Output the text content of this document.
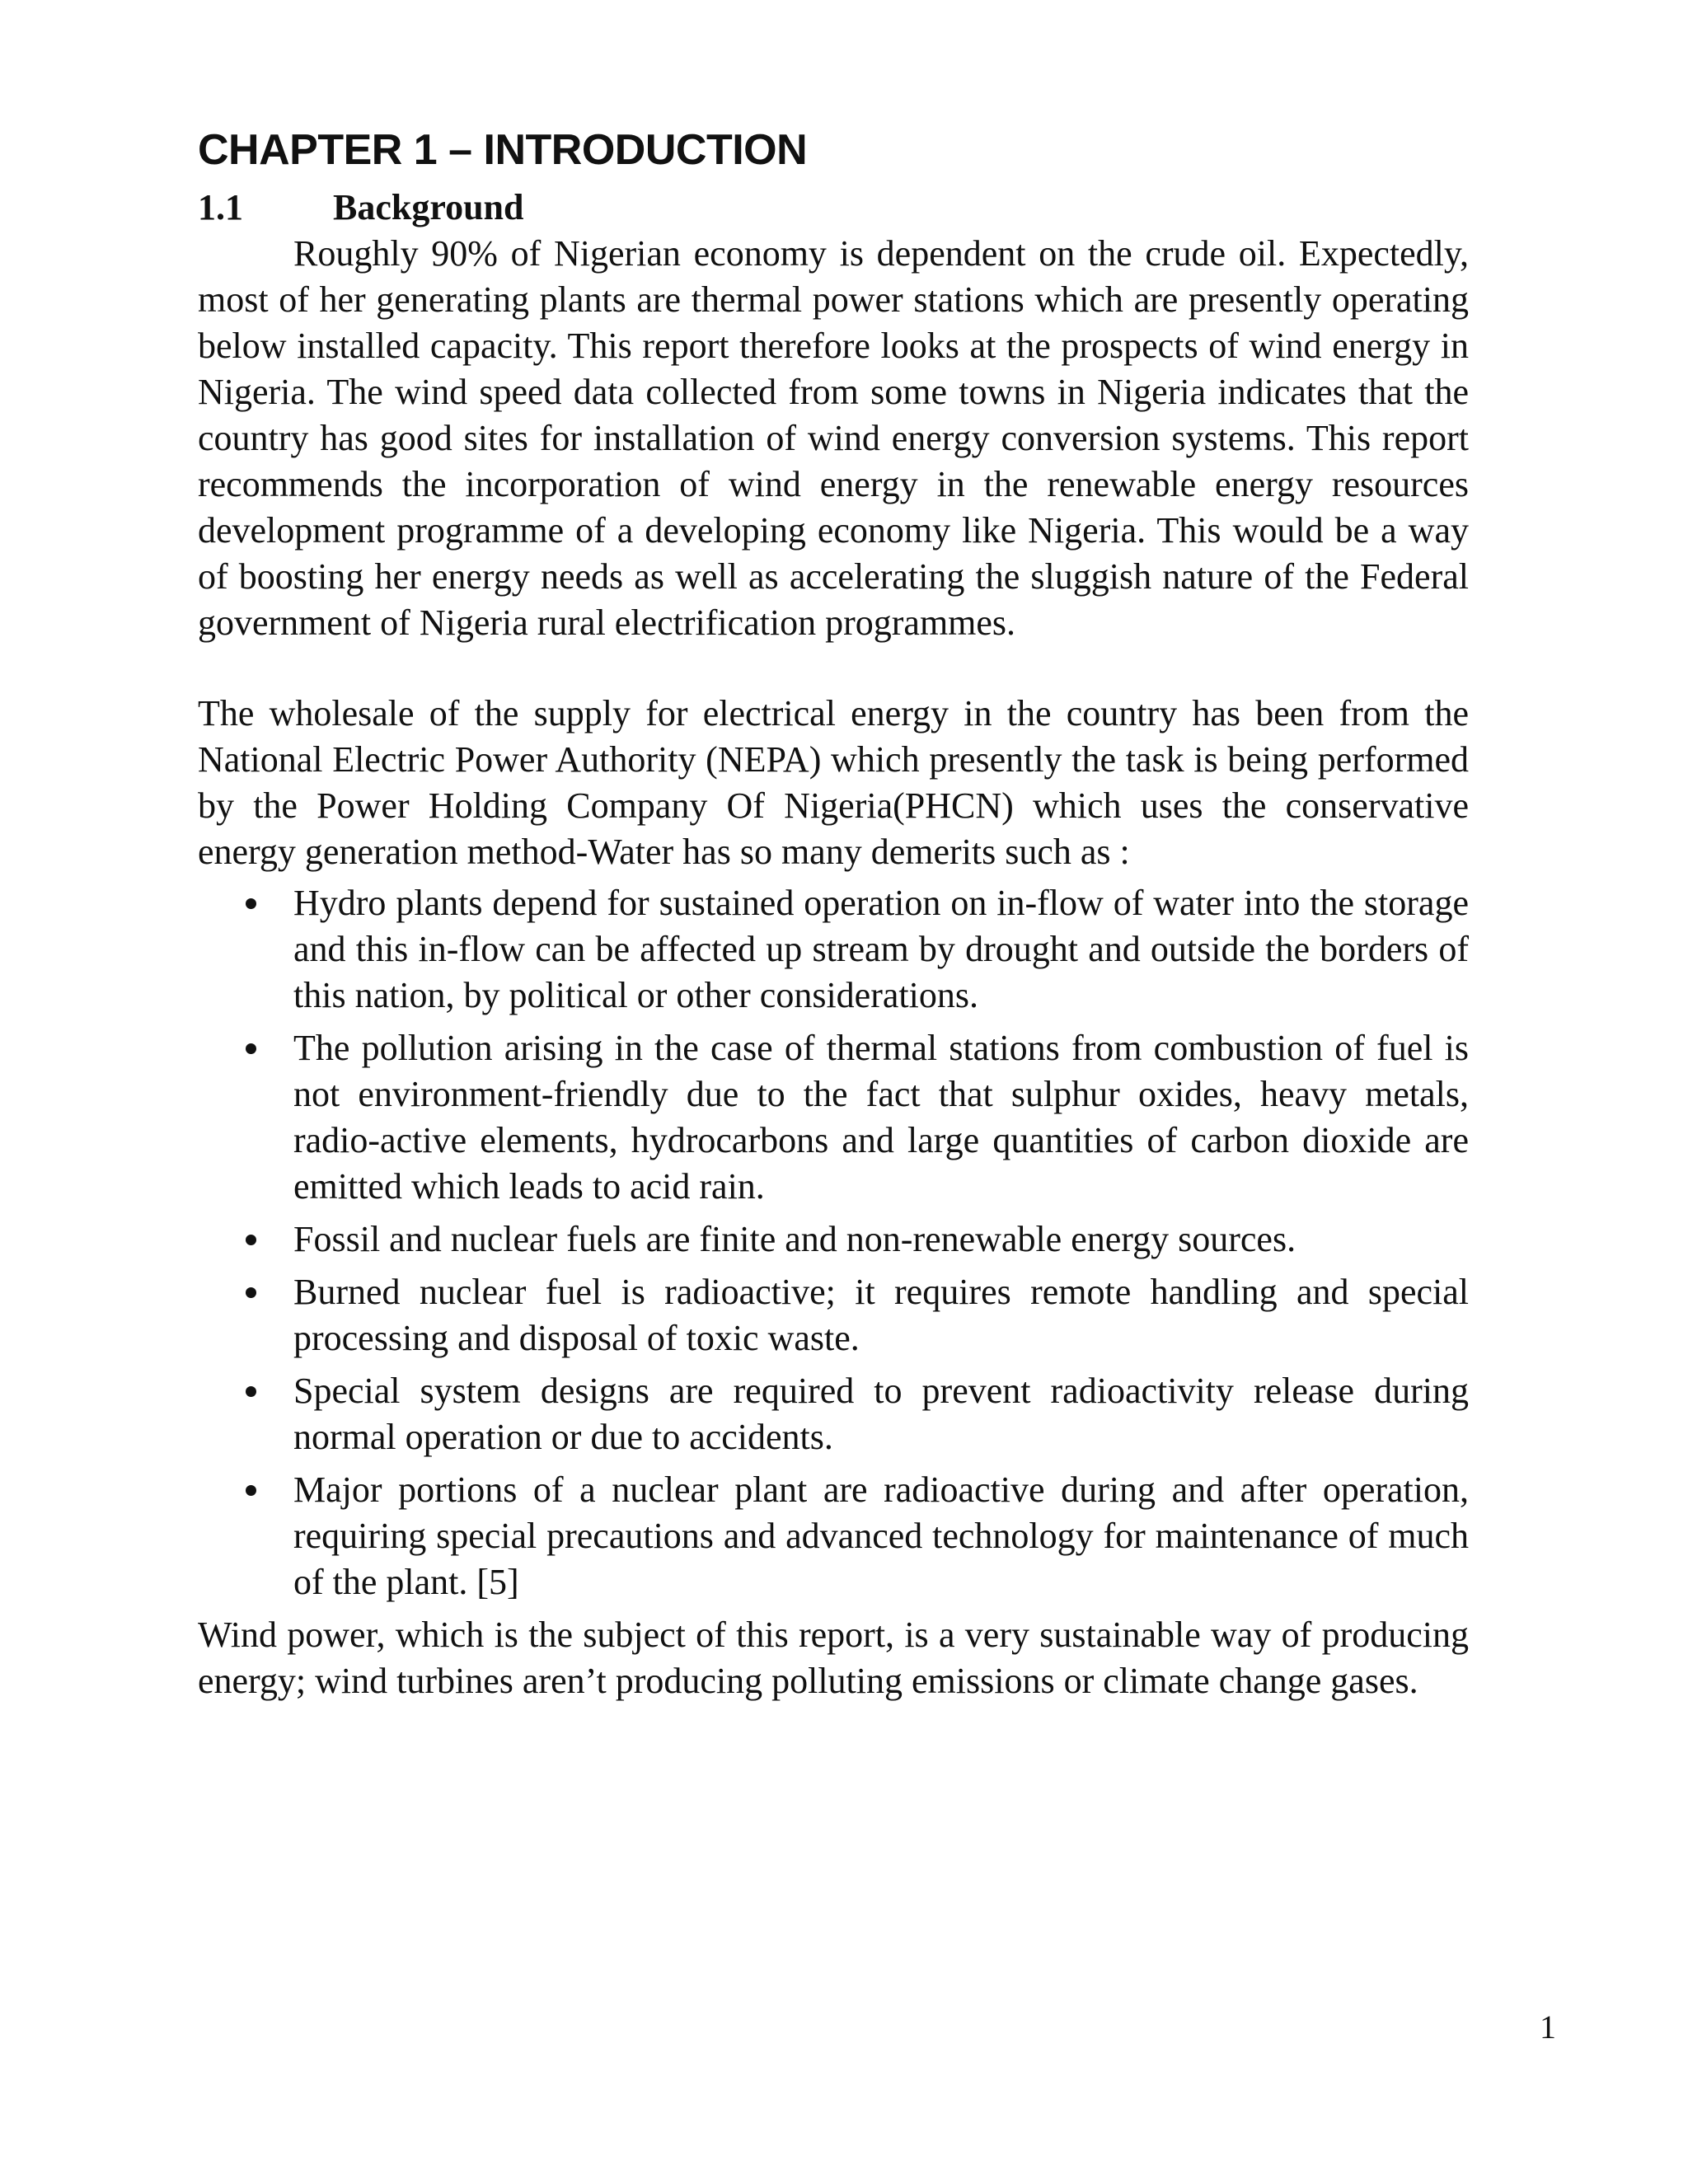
CHAPTER 1 – INTRODUCTION
1.1	Background

Roughly 90% of Nigerian economy is dependent on the crude oil. Expectedly, most of her generating plants are thermal power stations which are presently operating below installed capacity. This report therefore looks at the prospects of wind energy in Nigeria. The wind speed data collected from some towns in Nigeria indicates that the country has good sites for installation of wind energy conversion systems. This report recommends the incorporation of wind energy in the renewable energy resources development programme of a developing economy like Nigeria. This would be a way of boosting her energy needs as well as accelerating the sluggish nature of the Federal government of Nigeria rural electrification programmes.

The wholesale of the supply for electrical energy in the country has been from the National Electric Power Authority (NEPA) which presently the task is being performed by the Power Holding Company Of Nigeria(PHCN) which uses the conservative energy generation method-Water has so many demerits such as :

Hydro plants depend for sustained operation on in-flow of water into the storage and this in-flow can be affected up stream by drought and outside the borders of this nation, by political or other considerations.
The pollution arising in the case of thermal stations from combustion of fuel is not environment-friendly due to the fact that sulphur oxides, heavy metals, radio-active elements, hydrocarbons and large quantities of carbon dioxide are emitted which leads to acid rain.
Fossil and nuclear fuels are finite and non-renewable energy sources.
Burned nuclear fuel is radioactive; it requires remote handling and special processing and disposal of toxic waste.
Special system designs are required to prevent radioactivity release during normal operation or due to accidents.
Major portions of a nuclear plant are radioactive during and after operation, requiring special precautions and advanced technology for maintenance of much of the plant. [5]

Wind power, which is the subject of this report, is a very sustainable way of producing energy; wind turbines aren’t producing polluting emissions or climate change gases.

1
